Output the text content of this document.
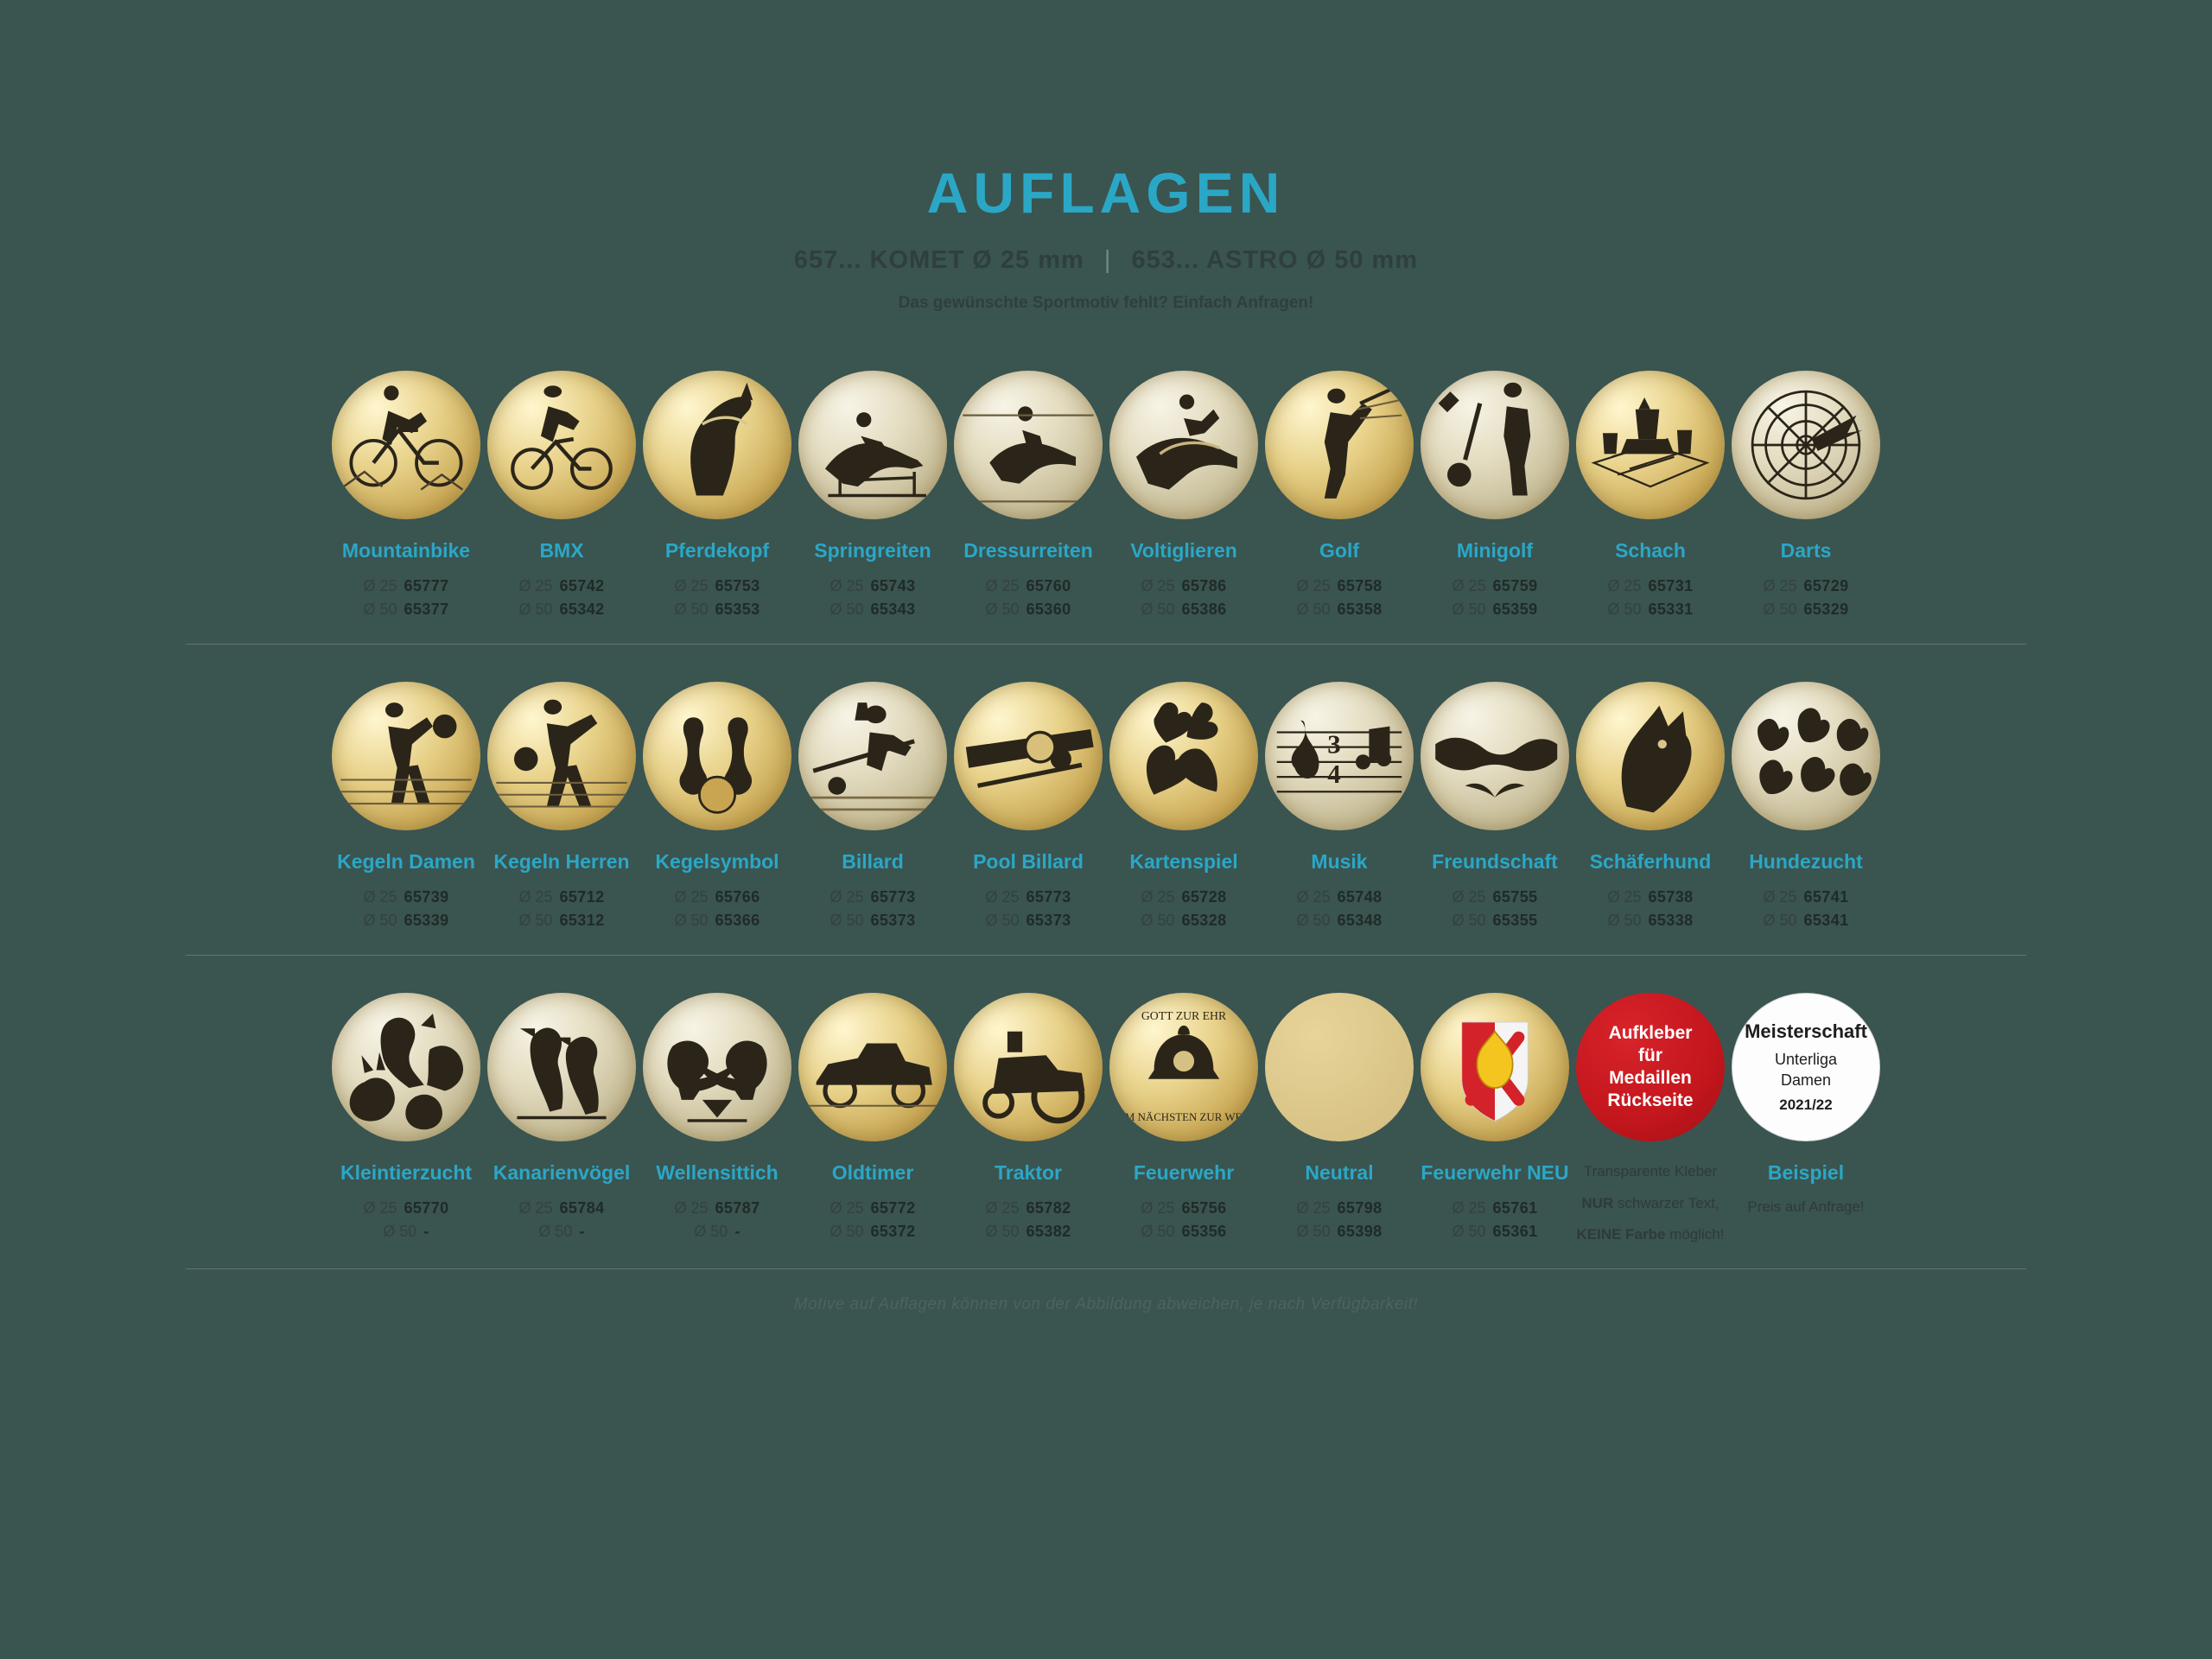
AUFLAGEN
657... KOMET Ø 25 mm | 653... ASTRO Ø 50 mm
Das gewünschte Sportmotiv fehlt? Einfach Anfragen!
Mountainbike
Ø 25 65777
Ø 50 65377
BMX
Ø 25 65742
Ø 50 65342
Pferdekopf
Ø 25 65753
Ø 50 65353
Springreiten
Ø 25 65743
Ø 50 65343
Dressurreiten
Ø 25 65760
Ø 50 65360
Voltiglieren
Ø 25 65786
Ø 50 65386
Golf
Ø 25 65758
Ø 50 65358
Minigolf
Ø 25 65759
Ø 50 65359
Schach
Ø 25 65731
Ø 50 65331
Darts
Ø 25 65729
Ø 50 65329
Kegeln Damen
Ø 25 65739
Ø 50 65339
Kegeln Herren
Ø 25 65712
Ø 50 65312
Kegelsymbol
Ø 25 65766
Ø 50 65366
Billard
Ø 25 65773
Ø 50 65373
Pool Billard
Ø 25 65773
Ø 50 65373
Kartenspiel
Ø 25 65728
Ø 50 65328
3
4
Musik
Ø 25 65748
Ø 50 65348
Freundschaft
Ø 25 65755
Ø 50 65355
Schäferhund
Ø 25 65738
Ø 50 65338
Hundezucht
Ø 25 65741
Ø 50 65341
Kleintierzucht
Ø 25 65770
Ø 50 -
Kanarienvögel
Ø 25 65784
Ø 50 -
Wellensittich
Ø 25 65787
Ø 50 -
Oldtimer
Ø 25 65772
Ø 50 65372
Traktor
Ø 25 65782
Ø 50 65382
GOTT ZUR EHR
DEM NÄCHSTEN ZUR WEHR
Feuerwehr
Ø 25 65756
Ø 50 65356
Neutral
Ø 25 65798
Ø 50 65398
Feuerwehr NEU
Ø 25 65761
Ø 50 65361
Aufkleber
für
Medaillen
Rückseite
Transparente Kleber
NUR schwarzer Text,
KEINE Farbe möglich!
Meisterschaft
Unterliga
Damen
2021/22
Beispiel
Preis auf Anfrage!
Motive auf Auflagen können von der Abbildung abweichen, je nach Verfügbarkeit!
